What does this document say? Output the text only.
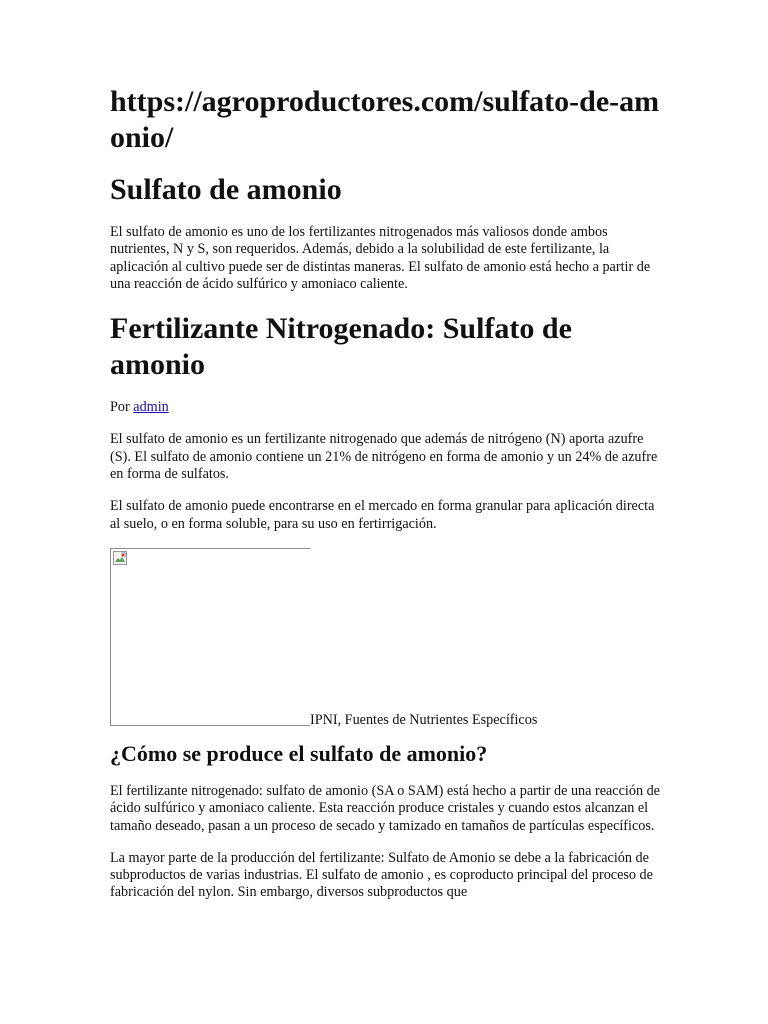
https://agroproductores.com/sulfato-de-amonio/
Sulfato de amonio

El sulfato de amonio es uno de los fertilizantes nitrogenados más valiosos donde ambos nutrientes, N y S, son requeridos. Además, debido a la solubilidad de este fertilizante, la aplicación al cultivo puede ser de distintas maneras. El sulfato de amonio está hecho a partir de una reacción de ácido sulfúrico y amoniaco caliente.

Fertilizante Nitrogenado: Sulfato de amonio

Por admin

El sulfato de amonio es un fertilizante nitrogenado que además de nitrógeno (N) aporta azufre (S). El sulfato de amonio contiene un 21% de nitrógeno en forma de amonio y un 24% de azufre en forma de sulfatos.

El sulfato de amonio puede encontrarse en el mercado en forma granular para aplicación directa al suelo, o en forma soluble, para su uso en fertirrigación.

IPNI, Fuentes de Nutrientes Específicos
¿Cómo se produce el sulfato de amonio?

El fertilizante nitrogenado: sulfato de amonio (SA o SAM) está hecho a partir de una reacción de ácido sulfúrico y amoniaco caliente. Esta reacción produce cristales y cuando estos alcanzan el tamaño deseado, pasan a un proceso de secado y tamizado en tamaños de partículas específicos.

La mayor parte de la producción del fertilizante: Sulfato de Amonio se debe a la fabricación de subproductos de varias industrias. El sulfato de amonio , es coproducto principal del proceso de fabricación del nylon. Sin embargo, diversos subproductos que
